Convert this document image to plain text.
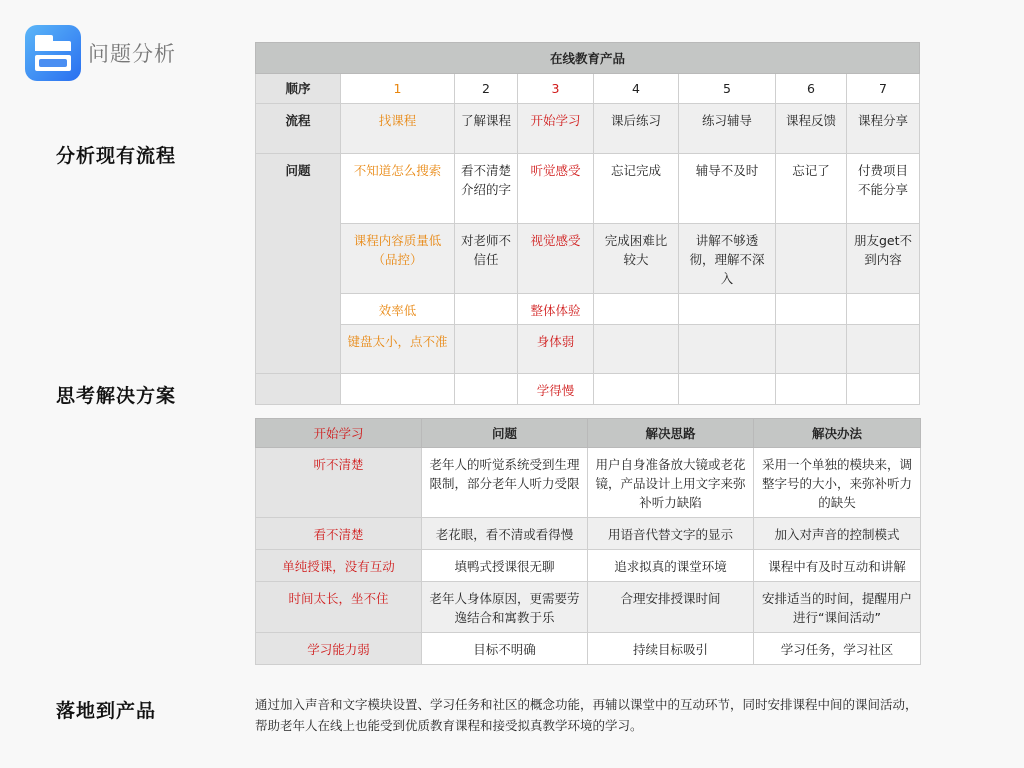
问题分析
分析现有流程
思考解决方案
落地到产品
在线教育产品							
顺序	1	2	3	4	5	6	7
流程	找课程	了解课程	开始学习	课后练习	练习辅导	课程反馈	课程分享
问题	不知道怎么搜索	看不清楚介绍的字	听觉感受	忘记完成	辅导不及时	忘记了	付费项目不能分享
	课程内容质量低（品控）	对老师不信任	视觉感受	完成困难比较大	讲解不够透彻，理解不深入		朋友get不到内容
	效率低		整体体验				
	键盘太小，点不准		身体弱				
			学得慢				
开始学习	问题	解决思路	解决办法
听不清楚	老年人的听觉系统受到生理限制，部分老年人听力受限	用户自身准备放大镜或老花镜，产品设计上用文字来弥补听力缺陷	采用一个单独的模块来，调整字号的大小，来弥补听力的缺失
看不清楚	老花眼，看不清或看得慢	用语音代替文字的显示	加入对声音的控制模式
单纯授课，没有互动	填鸭式授课很无聊	追求拟真的课堂环境	课程中有及时互动和讲解
时间太长，坐不住	老年人身体原因，更需要劳逸结合和寓教于乐	合理安排授课时间	安排适当的时间，提醒用户进行“课间活动”
学习能力弱	目标不明确	持续目标吸引	学习任务，学习社区
通过加入声音和文字模块设置、学习任务和社区的概念功能，再辅以课堂中的互动环节，同时安排课程中间的课间活动，帮助老年人在线上也能受到优质教育课程和接受拟真教学环境的学习。
